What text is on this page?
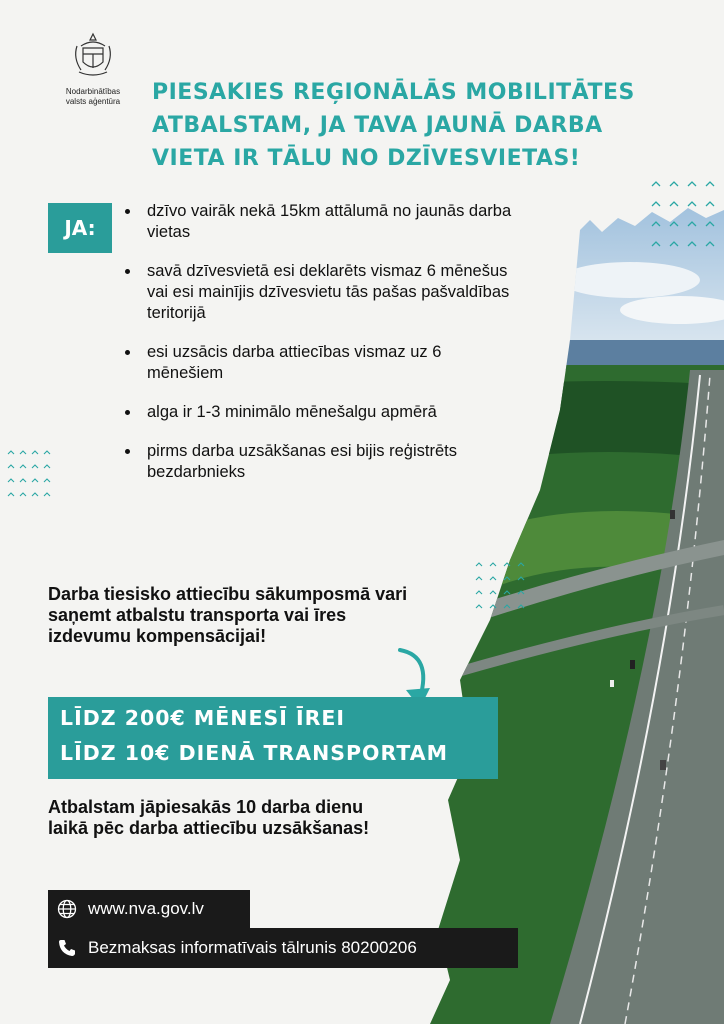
Nodarbinātības
valsts aģentūra	PIESAKIES REĢIONĀLĀS MOBILITĀTES
ATBALSTAM, JA TAVA JAUNĀ DARBA
VIETA IR TĀLU NO DZĪVESVIETAS!
JA:
dzīvo vairāk nekā 15km attālumā no jaunās darba vietas
savā dzīvesvietā esi deklarēts vismaz 6 mēnešus vai esi mainījis dzīvesvietu tās pašas pašvaldības teritorijā
esi uzsācis darba attiecības vismaz uz 6 mēnešiem
alga ir 1-3 minimālo mēnešalgu apmērā
pirms darba uzsākšanas esi bijis reģistrēts bezdarbnieks
Darba tiesisko attiecību sākumposmā vari saņemt atbalstu transporta vai īres izdevumu kompensācijai!
LĪDZ 200€ MĒNESĪ ĪREI
LĪDZ 10€ DIENĀ TRANSPORTAM
Atbalstam jāpiesakās 10 darba dienu laikā pēc darba attiecību uzsākšanas!
www.nva.gov.lv
Bezmaksas informatīvais tālrunis 80200206
